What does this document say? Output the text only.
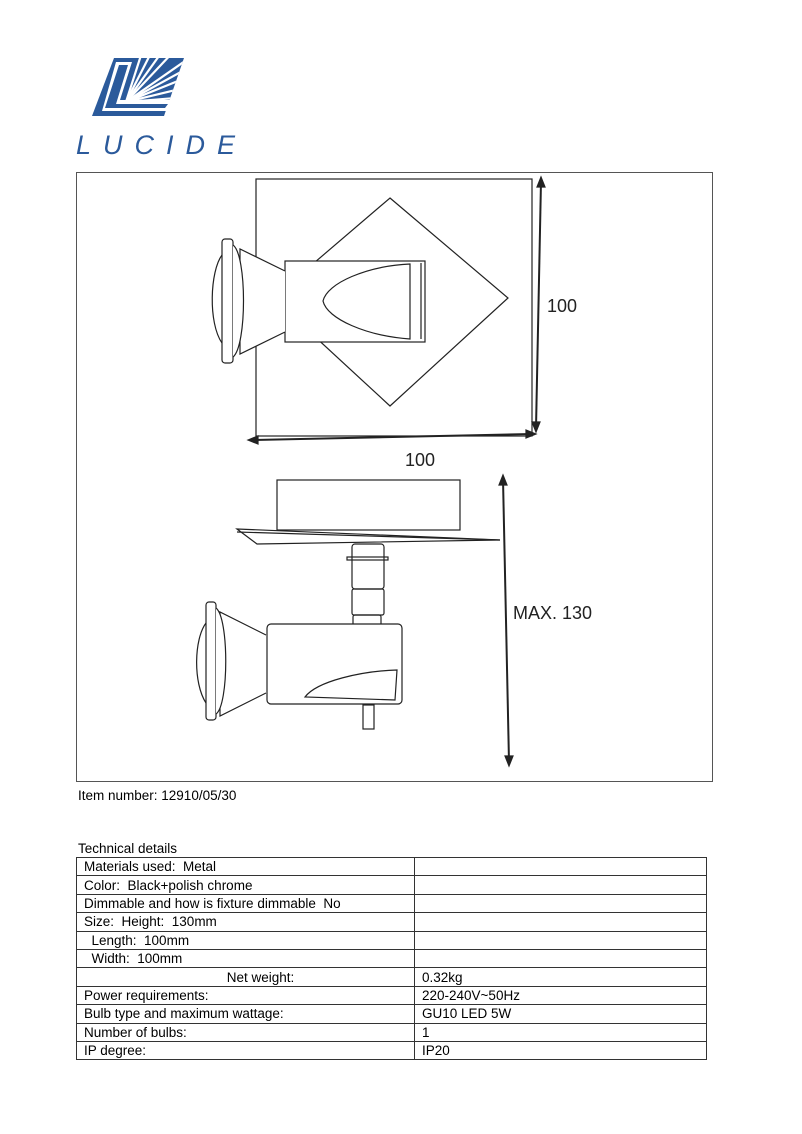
LUCIDE
100
100
MAX. 130
Item number: 12910/05/30
Technical details
Materials used:  Metal	
Color:  Black+polish chrome	
Dimmable and how is fixture dimmable  No	
Size:  Height:  130mm	
Length:  100mm	
Width:  100mm	
Net weight:	0.32kg
Power requirements:	220-240V~50Hz
Bulb type and maximum wattage:	GU10 LED 5W
Number of bulbs:	1
IP degree:	IP20
